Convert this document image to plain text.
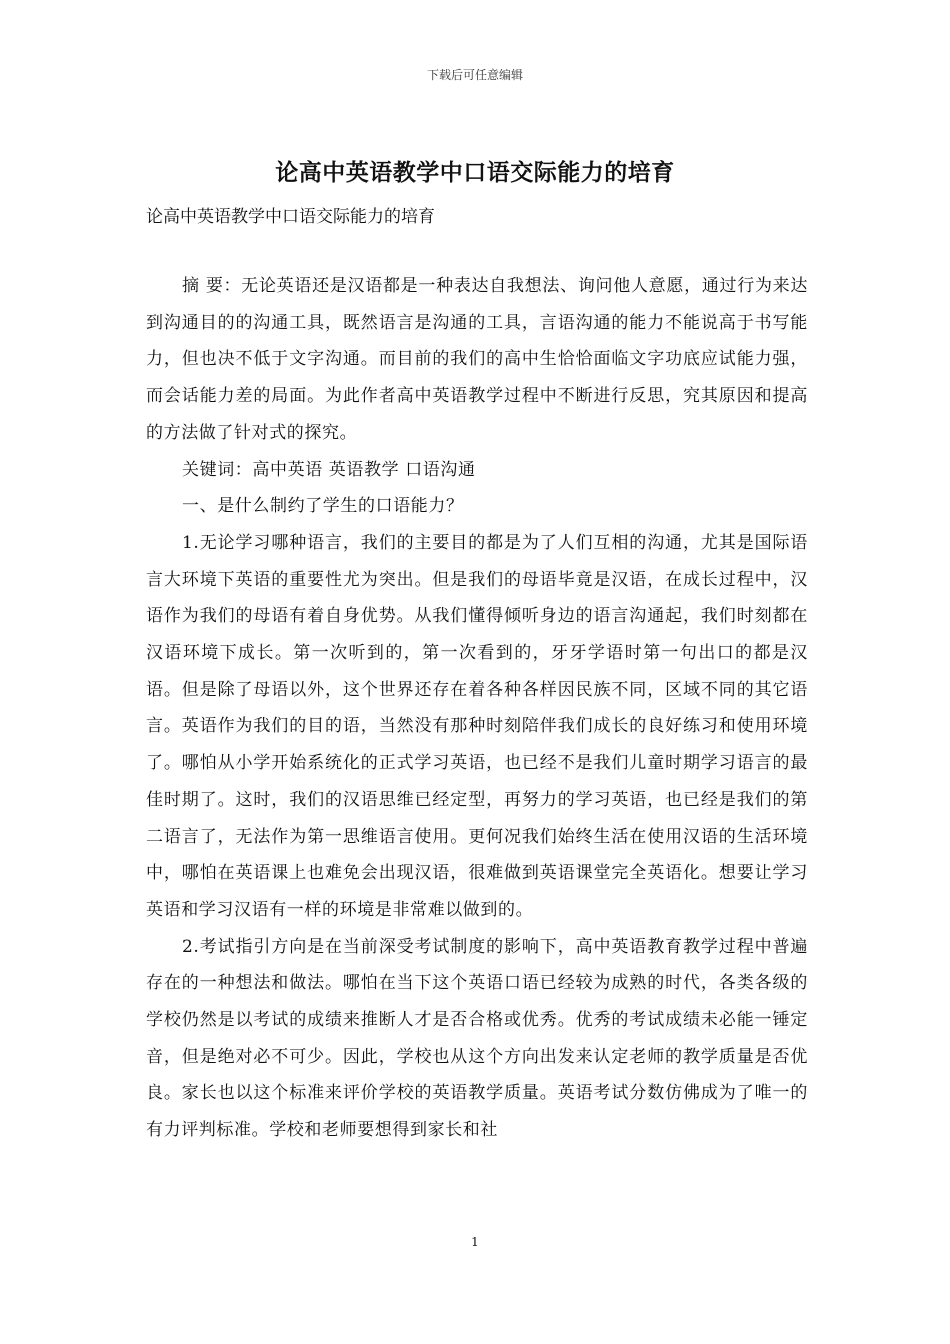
下载后可任意编辑
论高中英语教学中口语交际能力的培育
论高中英语教学中口语交际能力的培育

摘 要：无论英语还是汉语都是一种表达自我想法、询问他人意愿，通过行为来达到沟通目的的沟通工具，既然语言是沟通的工具，言语沟通的能力不能说高于书写能力，但也决不低于文字沟通。而目前的我们的高中生恰恰面临文字功底应试能力强，而会话能力差的局面。为此作者高中英语教学过程中不断进行反思，究其原因和提高的方法做了针对式的探究。

关键词：高中英语 英语教学 口语沟通

一、是什么制约了学生的口语能力？

1.无论学习哪种语言，我们的主要目的都是为了人们互相的沟通，尤其是国际语言大环境下英语的重要性尤为突出。但是我们的母语毕竟是汉语，在成长过程中，汉语作为我们的母语有着自身优势。从我们懂得倾听身边的语言沟通起，我们时刻都在汉语环境下成长。第一次听到的，第一次看到的，牙牙学语时第一句出口的都是汉语。但是除了母语以外，这个世界还存在着各种各样因民族不同，区域不同的其它语言。英语作为我们的目的语，当然没有那种时刻陪伴我们成长的良好练习和使用环境了。哪怕从小学开始系统化的正式学习英语，也已经不是我们儿童时期学习语言的最佳时期了。这时，我们的汉语思维已经定型，再努力的学习英语，也已经是我们的第二语言了，无法作为第一思维语言使用。更何况我们始终生活在使用汉语的生活环境中，哪怕在英语课上也难免会出现汉语，很难做到英语课堂完全英语化。想要让学习英语和学习汉语有一样的环境是非常难以做到的。

2.考试指引方向是在当前深受考试制度的影响下，高中英语教育教学过程中普遍存在的一种想法和做法。哪怕在当下这个英语口语已经较为成熟的时代，各类各级的学校仍然是以考试的成绩来推断人才是否合格或优秀。优秀的考试成绩未必能一锤定音，但是绝对必不可少。因此，学校也从这个方向出发来认定老师的教学质量是否优良。家长也以这个标准来评价学校的英语教学质量。英语考试分数仿佛成为了唯一的有力评判标准。学校和老师要想得到家长和社

1
